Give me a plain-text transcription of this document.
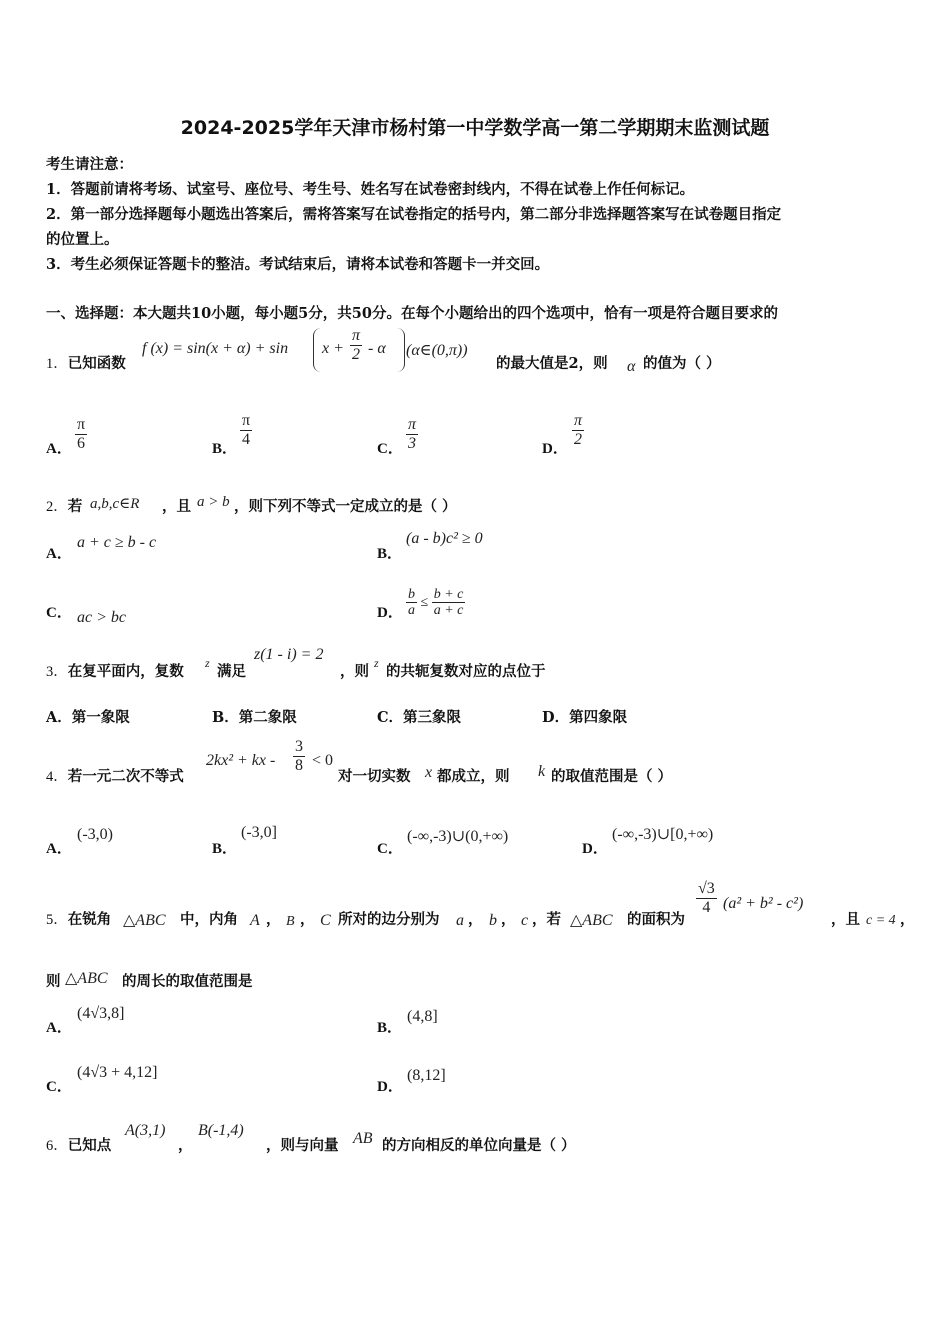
2024-2025学年天津市杨村第一中学数学高一第二学期期末监测试题
考生请注意：
1．答题前请将考场、试室号、座位号、考生号、姓名写在试卷密封线内，不得在试卷上作任何标记。
2．第一部分选择题每小题选出答案后，需将答案写在试卷指定的括号内，第二部分非选择题答案写在试卷题目指定
的位置上。
3．考生必须保证答题卡的整洁。考试结束后，请将本试卷和答题卡一并交回。
一、选择题：本大题共10小题，每小题5分，共50分。在每个小题给出的四个选项中，恰有一项是符合题目要求的
1．已知函数
f $(x) = \sin(x + \alpha) + \sin x + \frac{\pi}{2} - \alpha$ (α∈(0,π))
的最大值是2，则 α 的值为（ ）
A． $\frac{\pi}{6}$	B．
$\frac{\pi}{4}$
C． $\frac{\pi}{3}$	D．
$\frac{\pi}{2}$
2．若 a,b,c∈R ，且 a > b ，则下列不等式一定成立的是（ ）
A．
a + c ≥ b - c
B．
(a - b)c² ≥ 0
C． ac > bc	D． $\frac{b}{a} \le \frac{b + c}{a + c}$
3．在复平面内，复数 z 满足
z(1 - i) = 2
，则 z 的共轭复数对应的点位于
A．第一象限	B．第二象限	C．第三象限	D．第四象限
4．若一元二次不等式
2kx² + kx - $\frac{3}{8} < 0$
对一切实数 x 都成立，则 k 的取值范围是（ ）
A．
(-3,0)
B．
(-3,0]
C．
(-∞,-3)∪(0,+∞)
D．
(-∞,-3)∪[0,+∞)
5．在锐角 △ABC 中，内角 A ， B ， C 所对的边分别为 a ， b ， c ，若 △ABC 的面积为
$\frac{√3}{4} (a^2 + b^2 - c^2)$
，且 c = 4 ，
则 △ABC 的周长的取值范围是
A．
(4√3,8]
B．
(4,8]
C．
(4√3 + 4,12]
D．
(8,12]
6．已知点
A(3,1)
，
B(-1,4)
，则与向量 AB 的方向相反的单位向量是（ ）
